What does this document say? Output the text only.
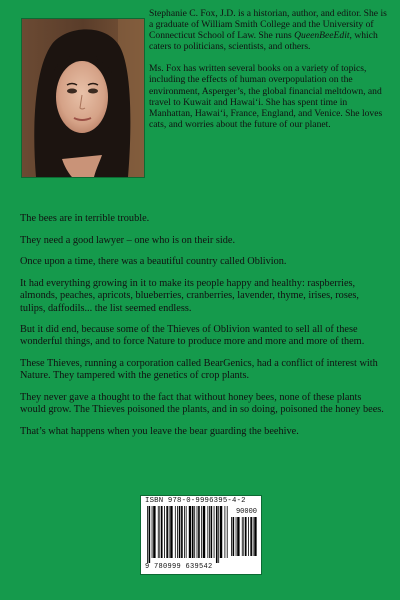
Stephanie C. Fox, J.D. is a historian, author, and editor. She is a graduate of William Smith College and the University of Connecticut School of Law. She runs QueenBeeEdit, which caters to politicians, scientists, and others.

Ms. Fox has written several books on a variety of topics, including the effects of human overpopulation on the environment, Asperger’s, the global financial meltdown, and travel to Kuwait and Hawai‘i. She has spent time in Manhattan, Hawai‘i, France, England, and Venice. She loves cats, and worries about the future of our planet.

The bees are in terrible trouble.

They need a good lawyer – one who is on their side.

Once upon a time, there was a beautiful country called Oblivion.

It had everything growing in it to make its people happy and healthy: raspberries, almonds, peaches, apricots, blueberries, cranberries, lavender, thyme, irises, roses, tulips, daffodils... the list seemed endless.

But it did end, because some of the Thieves of Oblivion wanted to sell all of these wonderful things, and to force Nature to produce more and more and more of them.

These Thieves, running a corporation called BearGenics, had a conflict of interest with Nature. They tampered with the genetics of crop plants.

They never gave a thought to the fact that without honey bees, none of these plants would grow. The Thieves poisoned the plants, and in so doing, poisoned the honey bees.

That’s what happens when you leave the bear guarding the beehive.

ISBN 978-0-9996395-4-2
90000
9 780999 639542
